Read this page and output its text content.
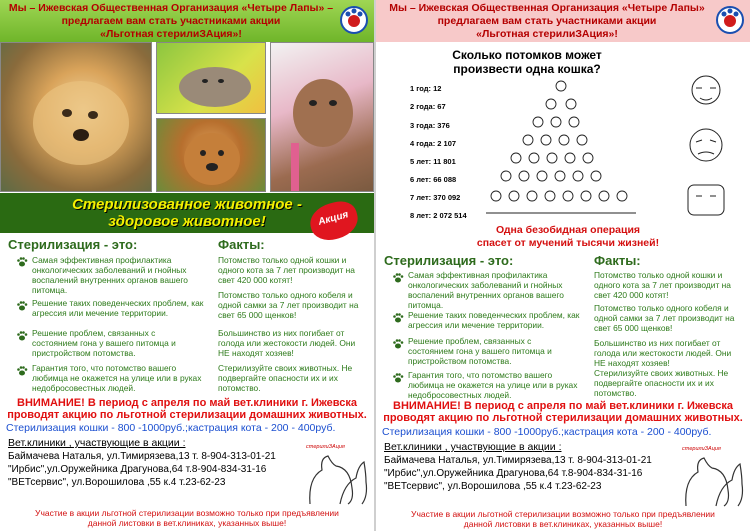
Мы – Ижевская Общественная Организация «Четыре Лапы» –
предлагаем вам стать участниками акции
«Льготная стерилиЗАция»!
Стерилизованное животное -
здоровое животное!	Акция
Стерилизация - это:	Факты:
Самая эффективная профилактика онкологических заболеваний и гнойных воспалений внутренних органов вашего питомца.
Решение таких поведенческих проблем, как агрессия или мечение территории.
Решение проблем, связанных с состоянием гона у вашего питомца и пристройством потомства.
Гарантия того, что потомство вашего любимца не окажется на улице или в руках недобросовестных людей.
Потомство только одной кошки и одного кота за 7 лет производит на свет 420 000 котят!
Потомство только одного кобеля и одной самки за 7 лет производит на свет 65 000 щенков!
Большинство из них погибает от голода или жестокости людей. Они НЕ находят хозяев!
Стерилизуйте своих животных. Не подвергайте опасности их и их потомство.
ВНИМАНИЕ! В период с апреля по май вет.клиники г. Ижевска
проводят акцию по льготной стерилизации домашних животных.
Стерилизация кошки - 800 -1000руб.;кастрация кота - 200 - 400руб.
Вет.клиники , участвующие в акции :
Баймачева Наталья, ул.Тимирязева,13 т. 8-904-313-01-21
"Ирбис",ул.Оружейника Драгунова,64 т.8-904-834-31-16
"ВЕТсервис", ул.Ворошилова ,55 к.4 т.23-62-23
стерилиЗАция
Участие в акции льготной стерилизации возможно только при предъявлении
данной листовки в вет.клиниках, указанных выше!
Мы – Ижевская Общественная Организация «Четыре Лапы»
предлагаем вам стать участниками акции
«Льготная стерилиЗАция»!
Сколько потомков может
произвести одна кошка?
1 год: 12
2 года: 67
3 года: 376
4 года: 2 107
5 лет: 11 801
6 лет: 66 088
7 лет: 370 092
8 лет: 2 072 514
Одна безобидная операция
спасет от мучений тысячи жизней!
Стерилизация - это:	Факты:
Самая эффективная профилактика онкологических заболеваний и гнойных воспалений внутренних органов вашего питомца.
Решение таких поведенческих проблем, как агрессия или мечение территории.
Решение проблем, связанных с состоянием гона у вашего питомца и пристройством потомства.
Гарантия того, что потомство вашего любимца не окажется на улице или в руках недобросовестных людей.
Потомство только одной кошки и одного кота за 7 лет производит на свет 420 000 котят!
Потомство только одного кобеля и одной самки за 7 лет производит на свет 65 000 щенков!
Большинство из них погибает от голода или жестокости людей. Они НЕ находят хозяев!
Стерилизуйте своих животных. Не подвергайте опасности их и их потомство.
ВНИМАНИЕ! В период с апреля по май вет.клиники г. Ижевска
проводят акцию по льготной стерилизации домашних животных.
Стерилизация кошки - 800 -1000руб.;кастрация кота - 200 - 400руб.
Вет.клиники , участвующие в акции :
Баймачева Наталья, ул.Тимирязева,13 т. 8-904-313-01-21
"Ирбис",ул.Оружейника Драгунова,64 т.8-904-834-31-16
"ВЕТсервис", ул.Ворошилова ,55 к.4 т.23-62-23
стерилиЗАция
Участие в акции льготной стерилизации возможно только при предъявлении
данной листовки в вет.клиниках, указанных выше!
